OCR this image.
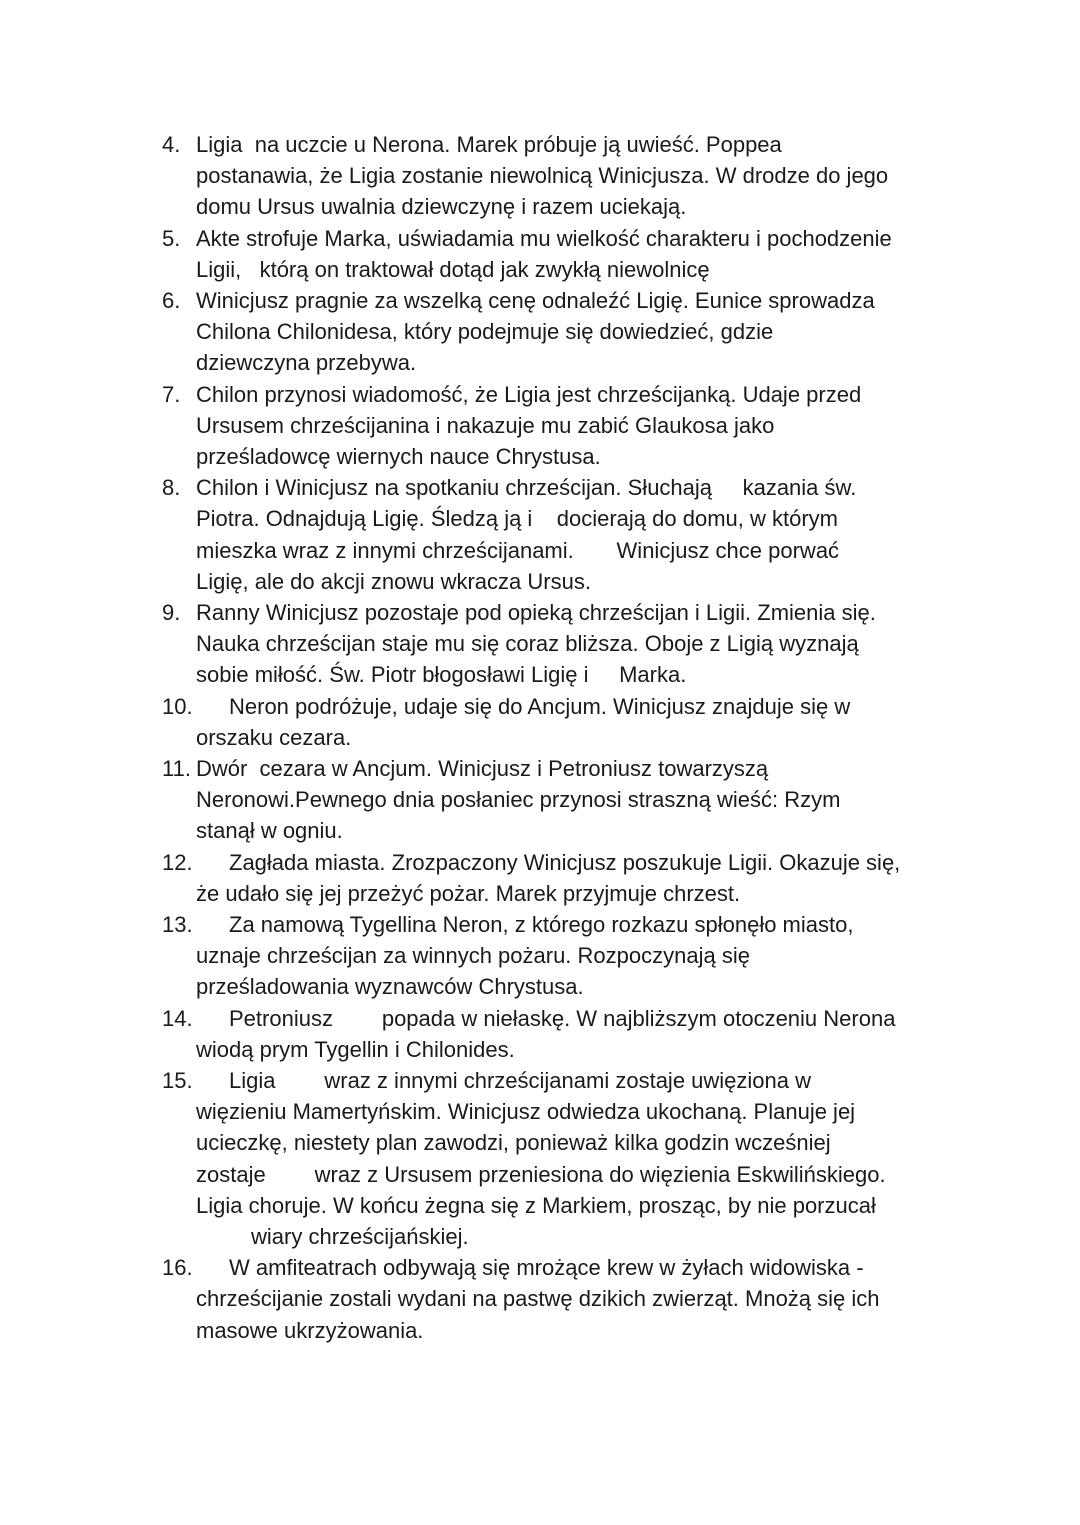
4. Ligia  na uczcie u Nerona. Marek próbuje ją uwieść. Poppea
postanawia, że Ligia zostanie niewolnicą Winicjusza. W drodze do jego
domu Ursus uwalnia dziewczynę i razem uciekają.
5. Akte strofuje Marka, uświadamia mu wielkość charakteru i pochodzenie
Ligii,   którą on traktował dotąd jak zwykłą niewolnicę
6. Winicjusz pragnie za wszelką cenę odnaleźć Ligię. Eunice sprowadza
Chilona Chilonidesa, który podejmuje się dowiedzieć, gdzie
dziewczyna przebywa.
7. Chilon przynosi wiadomość, że Ligia jest chrześcijanką. Udaje przed
Ursusem chrześcijanina i nakazuje mu zabić Glaukosa jako
prześladowcę wiernych nauce Chrystusa.
8. Chilon i Winicjusz na spotkaniu chrześcijan. Słuchają     kazania św.
Piotra. Odnajdują Ligię. Śledzą ją i    docierają do domu, w którym
mieszka wraz z innymi chrześcijanami.       Winicjusz chce porwać
Ligię, ale do akcji znowu wkracza Ursus.
9. Ranny Winicjusz pozostaje pod opieką chrześcijan i Ligii. Zmienia się.
Nauka chrześcijan staje mu się coraz bliższa. Oboje z Ligią wyznają
sobie miłość. Św. Piotr błogosławi Ligię i     Marka.
10. Neron podróżuje, udaje się do Ancjum. Winicjusz znajduje się w
orszaku cezara.
11. Dwór  cezara w Ancjum. Winicjusz i Petroniusz towarzyszą
Neronowi.Pewnego dnia posłaniec przynosi straszną wieść: Rzym
stanął w ogniu.
12. Zagłada miasta. Zrozpaczony Winicjusz poszukuje Ligii. Okazuje się,
że udało się jej przeżyć pożar. Marek przyjmuje chrzest.
13. Za namową Tygellina Neron, z którego rozkazu spłonęło miasto,
uznaje chrześcijan za winnych pożaru. Rozpoczynają się
prześladowania wyznawców Chrystusa.
14. Petroniusz        popada w niełaskę. W najbliższym otoczeniu Nerona
wiodą prym Tygellin i Chilonides.
15. Ligia        wraz z innymi chrześcijanami zostaje uwięziona w
więzieniu Mamertyńskim. Winicjusz odwiedza ukochaną. Planuje jej
ucieczkę, niestety plan zawodzi, ponieważ kilka godzin wcześniej
zostaje        wraz z Ursusem przeniesiona do więzienia Eskwilińskiego.
Ligia choruje. W końcu żegna się z Markiem, prosząc, by nie porzucał
wiary chrześcijańskiej.
16. W amfiteatrach odbywają się mrożące krew w żyłach widowiska -
chrześcijanie zostali wydani na pastwę dzikich zwierząt. Mnożą się ich
masowe ukrzyżowania.
